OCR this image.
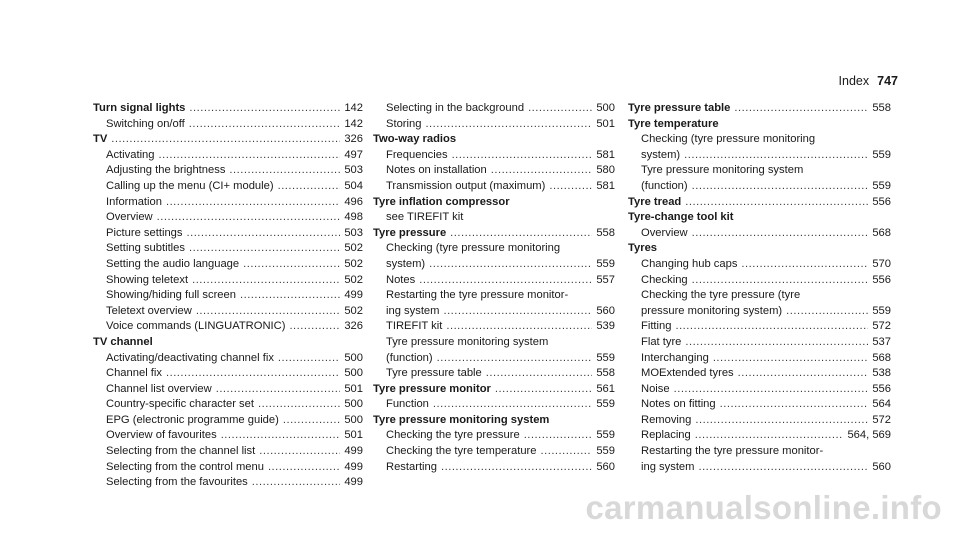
Index 747
Turn signal lights .....	142
Switching on/off .....	142
TV .....	326
Activating .....	497
Adjusting the brightness .....	503
Calling up the menu (CI+ module) .....	504
Information .....	496
Overview .....	498
Picture settings .....	503
Setting subtitles .....	502
Setting the audio language .....	502
Showing teletext .....	502
Showing/hiding full screen .....	499
Teletext overview .....	502
Voice commands (LINGUATRONIC) .....	326
TV channel
Activating/deactivating channel fix .....	500
Channel fix .....	500
Channel list overview .....	501
Country-specific character set .....	500
EPG (electronic programme guide) .....	500
Overview of favourites .....	501
Selecting from the channel list .....	499
Selecting from the control menu .....	499
Selecting from the favourites .....	499
Selecting in the background .....	500
Storing .....	501
Two-way radios
Frequencies .....	581
Notes on installation .....	580
Transmission output (maximum) .....	581
Tyre inflation compressor
see TIREFIT kit
Tyre pressure .....	558
Checking (tyre pressure monitoring
system) .....	559
Notes .....	557
Restarting the tyre pressure monitor-
ing system .....	560
TIREFIT kit .....	539
Tyre pressure monitoring system
(function) .....	559
Tyre pressure table .....	558
Tyre pressure monitor .....	561
Function .....	559
Tyre pressure monitoring system
Checking the tyre pressure .....	559
Checking the tyre temperature .....	559
Restarting .....	560
Tyre pressure table .....	558
Tyre temperature
Checking (tyre pressure monitoring
system) .....	559
Tyre pressure monitoring system
(function) .....	559
Tyre tread .....	556
Tyre-change tool kit
Overview .....	568
Tyres
Changing hub caps .....	570
Checking .....	556
Checking the tyre pressure (tyre
pressure monitoring system) .....	559
Fitting .....	572
Flat tyre .....	537
Interchanging .....	568
MOExtended tyres .....	538
Noise .....	556
Notes on fitting .....	564
Removing .....	572
Replacing .....	564, 569
Restarting the tyre pressure monitor-
ing system .....	560
carmanualsonline.info
